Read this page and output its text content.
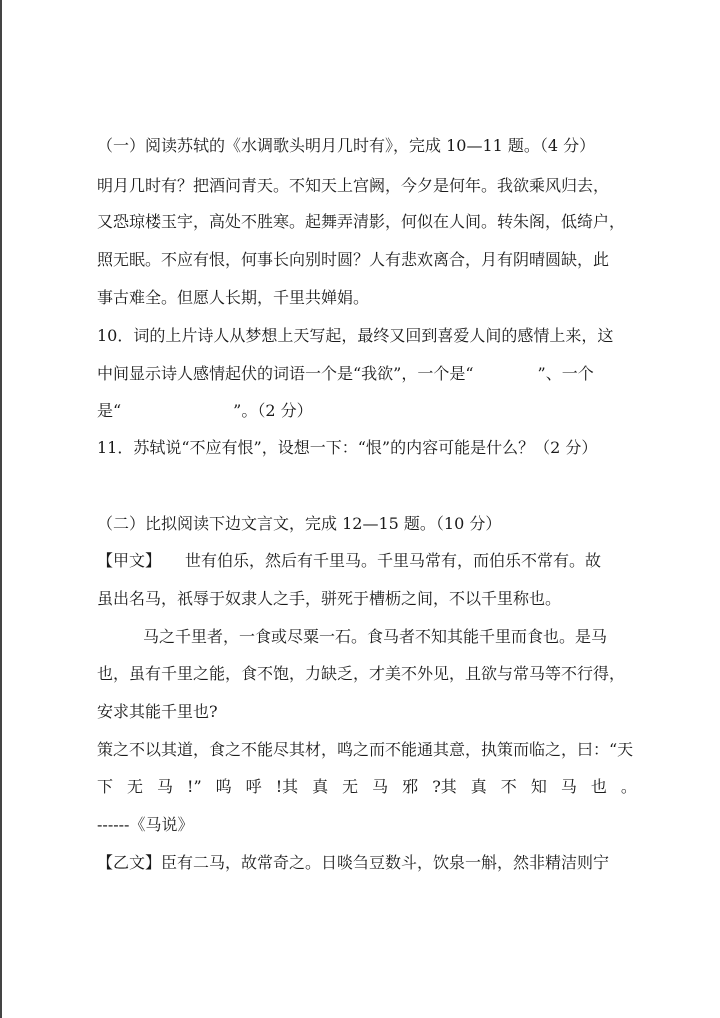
（一）阅读苏轼的《水调歌头明月几时有》，完成 10—11 题。（4 分）
明月几时有？把酒问青天。不知天上宫阙，今夕是何年。我欲乘风归去，
又恐琼楼玉宇，高处不胜寒。起舞弄清影，何似在人间。转朱阁，低绮户，
照无眠。不应有恨，何事长向别时圆？人有悲欢离合，月有阴晴圆缺，此
事古难全。但愿人长期，千里共婵娟。
10．词的上片诗人从梦想上天写起，最终又回到喜爱人间的感情上来，这
中间显示诗人感情起伏的词语一个是“我欲”，一个是“　　　　”、一个
是“　　　　　　　”。（2 分）
11．苏轼说“不应有恨”，设想一下：“恨”的内容可能是什么？（2 分）
（二）比拟阅读下边文言文，完成 12—15 题。（10 分）
【甲文】　　世有伯乐，然后有千里马。千里马常有，而伯乐不常有。故
虽出名马，祇辱于奴隶人之手，骈死于槽枥之间，不以千里称也。
马之千里者，一食或尽粟一石。食马者不知其能千里而食也。是马
也，虽有千里之能，食不饱，力缺乏，才美不外见，且欲与常马等不行得，
安求其能千里也?
策之不以其道，食之不能尽其材，鸣之而不能通其意，执策而临之，曰：“天
下 无 马 !” 呜 呼 !其 真 无 马 邪 ?其 真 不 知 马 也 。
------《马说》
【乙文】臣有二马，故常奇之。日啖刍豆数斗，饮泉一斛，然非精洁则宁
